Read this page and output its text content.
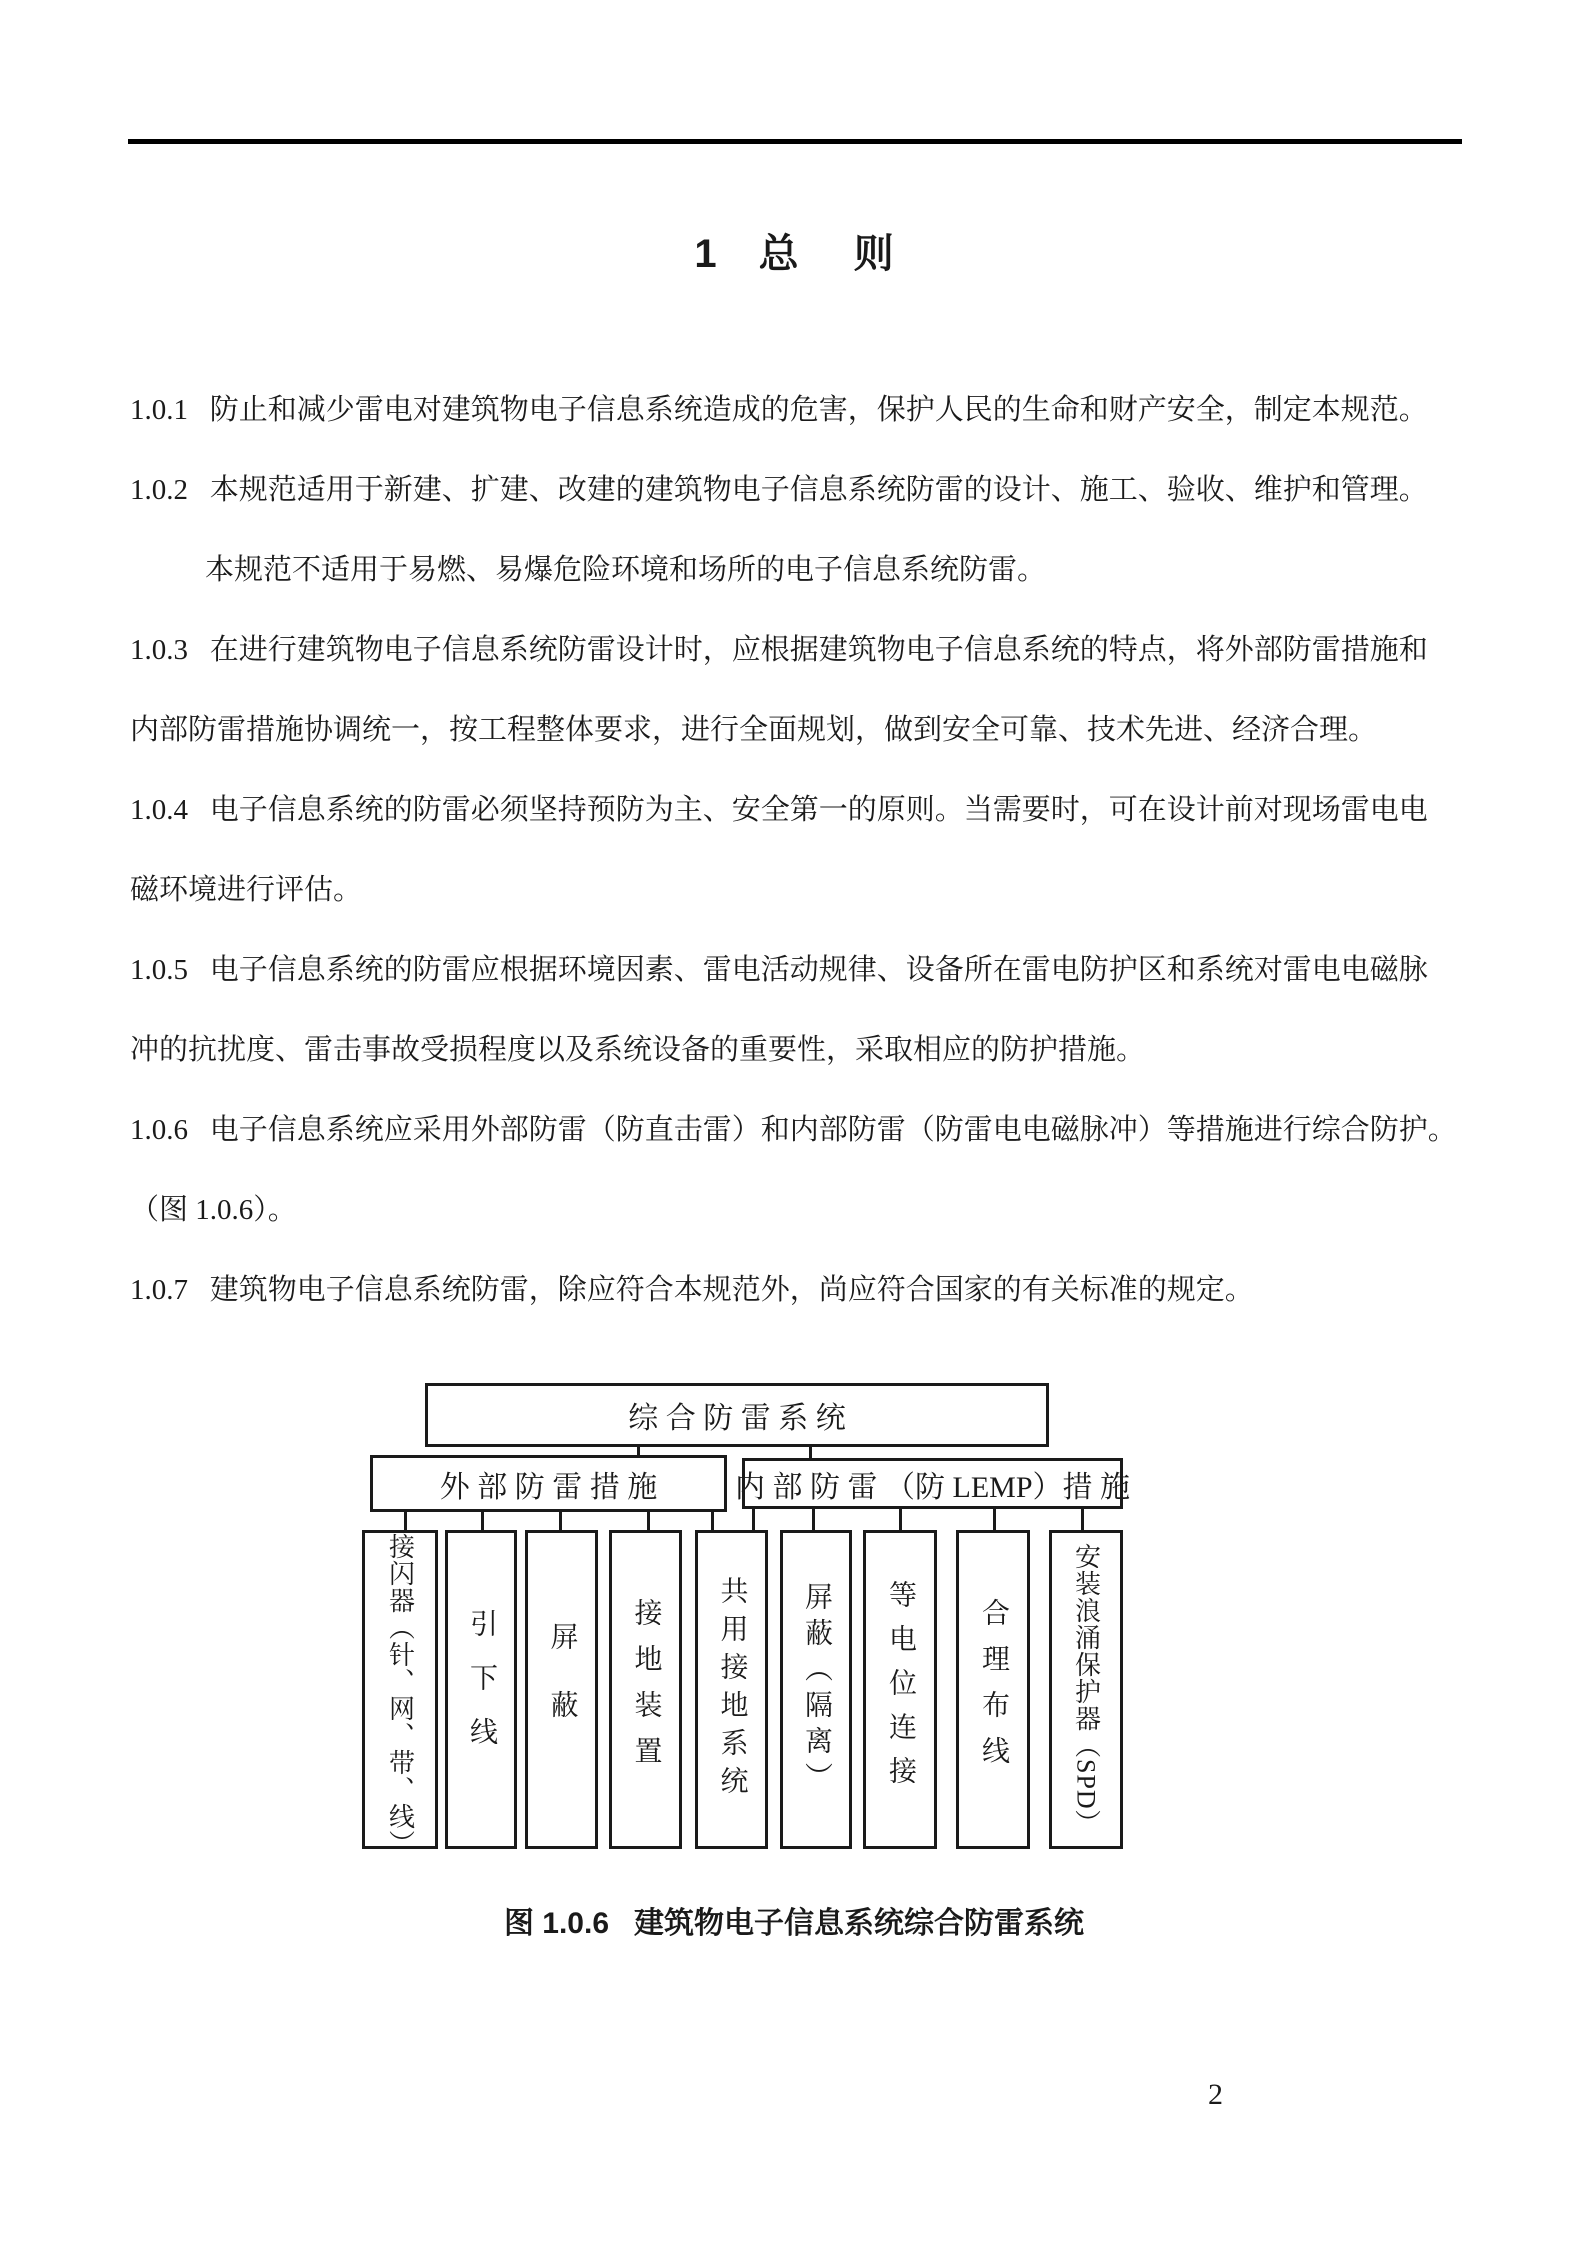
1 总 则
1.0.1   防止和减少雷电对建筑物电子信息系统造成的危害，保护人民的生命和财产安全，制定本规范。
1.0.2   本规范适用于新建、扩建、改建的建筑物电子信息系统防雷的设计、施工、验收、维护和管理。
本规范不适用于易燃、易爆危险环境和场所的电子信息系统防雷。
1.0.3   在进行建筑物电子信息系统防雷设计时，应根据建筑物电子信息系统的特点，将外部防雷措施和
内部防雷措施协调统一，按工程整体要求，进行全面规划，做到安全可靠、技术先进、经济合理。
1.0.4   电子信息系统的防雷必须坚持预防为主、安全第一的原则。当需要时，可在设计前对现场雷电电
磁环境进行评估。
1.0.5   电子信息系统的防雷应根据环境因素、雷电活动规律、设备所在雷电防护区和系统对雷电电磁脉
冲的抗扰度、雷击事故受损程度以及系统设备的重要性，采取相应的防护措施。
1.0.6   电子信息系统应采用外部防雷（防直击雷）和内部防雷（防雷电电磁脉冲）等措施进行综合防护。
（图 1.0.6）。
1.0.7   建筑物电子信息系统防雷，除应符合本规范外，尚应符合国家的有关标准的规定。
综 合 防 雷 系 统
外 部 防 雷 措 施	内 部 防 雷 （防 LEMP）措 施
接闪器（针、网、带、线） 引下线 屏蔽 接地装置 共用接地系统 屏蔽（隔离） 等电位连接 合理布线 安装浪涌保护器（SPD）
图 1.0.6   建筑物电子信息系统综合防雷系统
2
